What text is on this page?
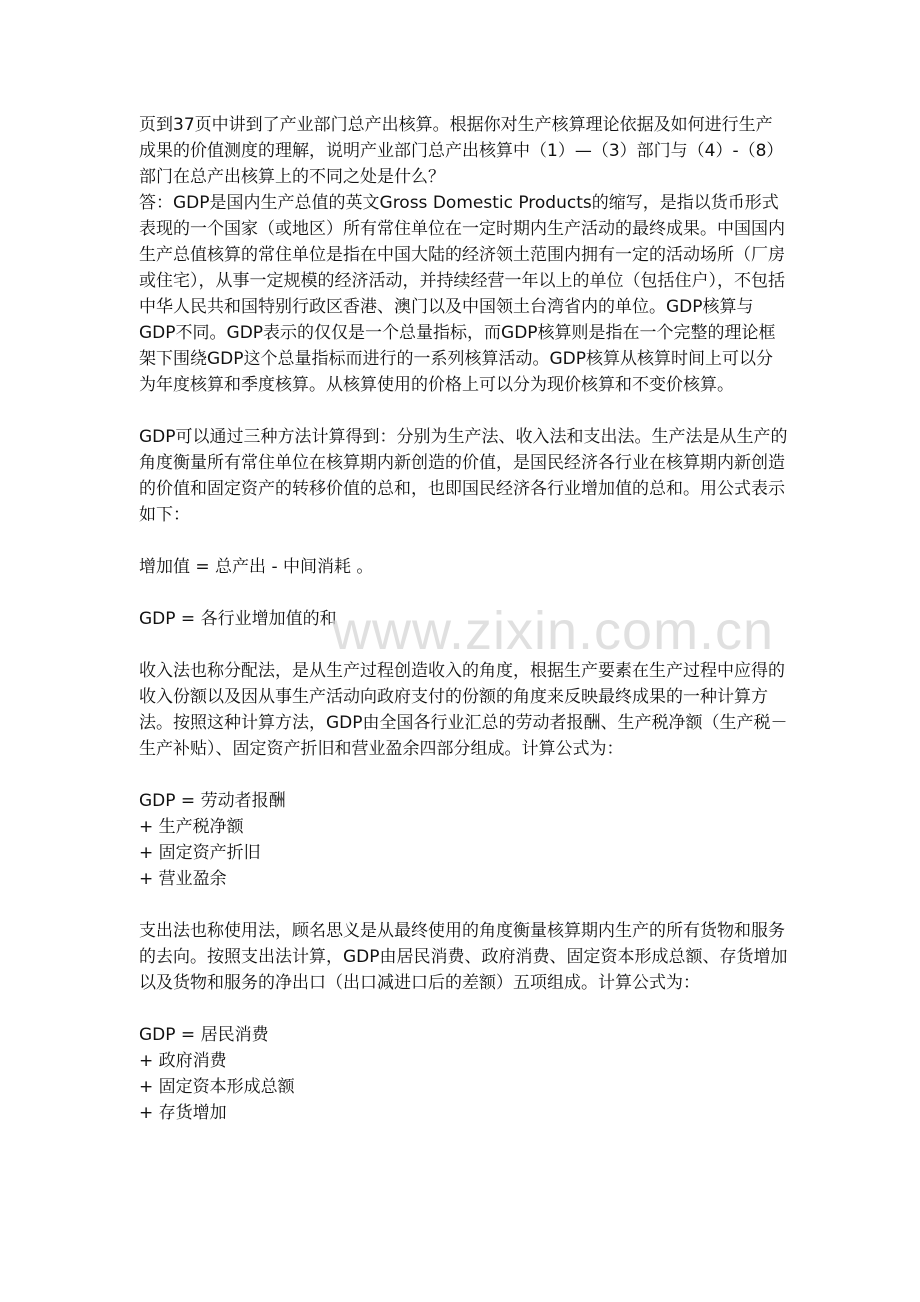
页到37页中讲到了产业部门总产出核算。根据你对生产核算理论依据及如何进行生产成果的价值测度的理解，说明产业部门总产出核算中（1）—（3）部门与（4）-（8）部门在总产出核算上的不同之处是什么？

答：GDP是国内生产总值的英文Gross Domestic Products的缩写，是指以货币形式表现的一个国家（或地区）所有常住单位在一定时期内生产活动的最终成果。中国国内生产总值核算的常住单位是指在中国大陆的经济领土范围内拥有一定的活动场所（厂房或住宅），从事一定规模的经济活动，并持续经营一年以上的单位（包括住户），不包括中华人民共和国特别行政区香港、澳门以及中国领土台湾省内的单位。GDP核算与GDP不同。GDP表示的仅仅是一个总量指标，而GDP核算则是指在一个完整的理论框架下围绕GDP这个总量指标而进行的一系列核算活动。GDP核算从核算时间上可以分为年度核算和季度核算。从核算使用的价格上可以分为现价核算和不变价核算。

GDP可以通过三种方法计算得到：分别为生产法、收入法和支出法。生产法是从生产的角度衡量所有常住单位在核算期内新创造的价值，是国民经济各行业在核算期内新创造的价值和固定资产的转移价值的总和，也即国民经济各行业增加值的总和。用公式表示如下：

增加值 = 总产出 - 中间消耗 。

GDP = 各行业增加值的和

收入法也称分配法，是从生产过程创造收入的角度，根据生产要素在生产过程中应得的收入份额以及因从事生产活动向政府支付的份额的角度来反映最终成果的一种计算方法。按照这种计算方法，GDP由全国各行业汇总的劳动者报酬、生产税净额（生产税－生产补贴）、固定资产折旧和营业盈余四部分组成。计算公式为：

GDP = 劳动者报酬

+ 生产税净额

+ 固定资产折旧

+ 营业盈余

支出法也称使用法，顾名思义是从最终使用的角度衡量核算期内生产的所有货物和服务的去向。按照支出法计算，GDP由居民消费、政府消费、固定资本形成总额、存货增加以及货物和服务的净出口（出口减进口后的差额）五项组成。计算公式为：

GDP = 居民消费

+ 政府消费

+ 固定资本形成总额

+ 存货增加

www.zixin.com.cn
